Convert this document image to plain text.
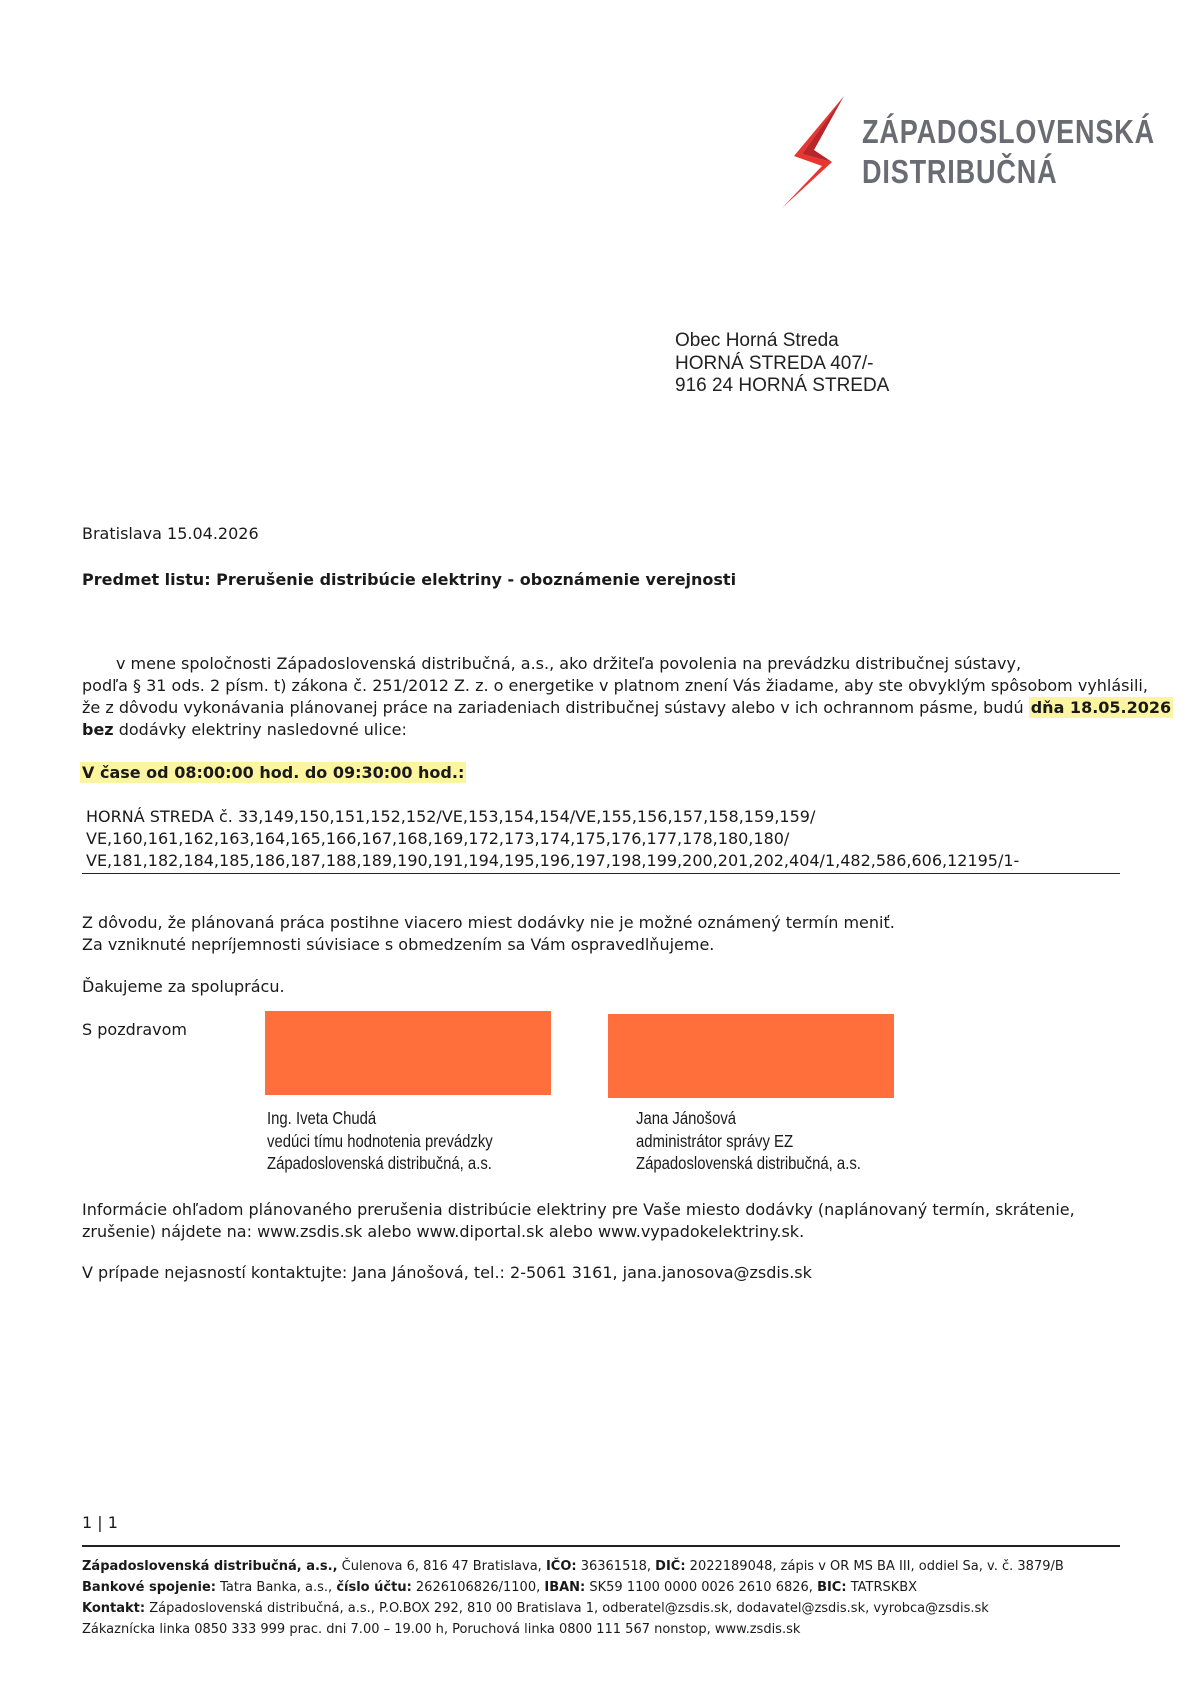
ZÁPADOSLOVENSKÁ
DISTRIBUČNÁ
Obec Horná Streda
HORNÁ STREDA 407/-
916 24 HORNÁ STREDA
Bratislava 15.04.2026
Predmet listu: Prerušenie distribúcie elektriny - oboznámenie verejnosti
v mene spoločnosti Západoslovenská distribučná, a.s., ako držiteľa povolenia na prevádzku distribučnej sústavy,
podľa § 31 ods. 2 písm. t) zákona č. 251/2012 Z. z. o energetike v platnom znení Vás žiadame, aby ste obvyklým spôsobom vyhlásili,
že z dôvodu vykonávania plánovanej práce na zariadeniach distribučnej sústavy alebo v ich ochrannom pásme, budú dňa 18.05.2026
bez dodávky elektriny nasledovné ulice:
V čase od 08:00:00 hod. do 09:30:00 hod.:
HORNÁ STREDA č. 33,149,150,151,152,152/VE,153,154,154/VE,155,156,157,158,159,159/
VE,160,161,162,163,164,165,166,167,168,169,172,173,174,175,176,177,178,180,180/
VE,181,182,184,185,186,187,188,189,190,191,194,195,196,197,198,199,200,201,202,404/1,482,586,606,12195/1-
Z dôvodu, že plánovaná práca postihne viacero miest dodávky nie je možné oznámený termín meniť.
Za vzniknuté nepríjemnosti súvisiace s obmedzením sa Vám ospravedlňujeme.
Ďakujeme za spoluprácu.
S pozdravom
Ing. Iveta Chudá
vedúci tímu hodnotenia prevádzky
Západoslovenská distribučná, a.s.
Jana Jánošová
administrátor správy EZ
Západoslovenská distribučná, a.s.
Informácie ohľadom plánovaného prerušenia distribúcie elektriny pre Vaše miesto dodávky (naplánovaný termín, skrátenie,
zrušenie) nájdete na: www.zsdis.sk alebo www.diportal.sk alebo www.vypadokelektriny.sk.
V prípade nejasností kontaktujte: Jana Jánošová, tel.: 2-5061 3161, jana.janosova@zsdis.sk
1 | 1
Západoslovenská distribučná, a.s., Čulenova 6, 816 47 Bratislava, IČO: 36361518, DIČ: 2022189048, zápis v OR MS BA III, oddiel Sa, v. č. 3879/B
Bankové spojenie: Tatra Banka, a.s., číslo účtu: 2626106826/1100, IBAN: SK59 1100 0000 0026 2610 6826, BIC: TATRSKBX
Kontakt: Západoslovenská distribučná, a.s., P.O.BOX 292, 810 00 Bratislava 1, odberatel@zsdis.sk, dodavatel@zsdis.sk, vyrobca@zsdis.sk
Zákaznícka linka 0850 333 999 prac. dni 7.00 – 19.00 h, Poruchová linka 0800 111 567 nonstop, www.zsdis.sk
